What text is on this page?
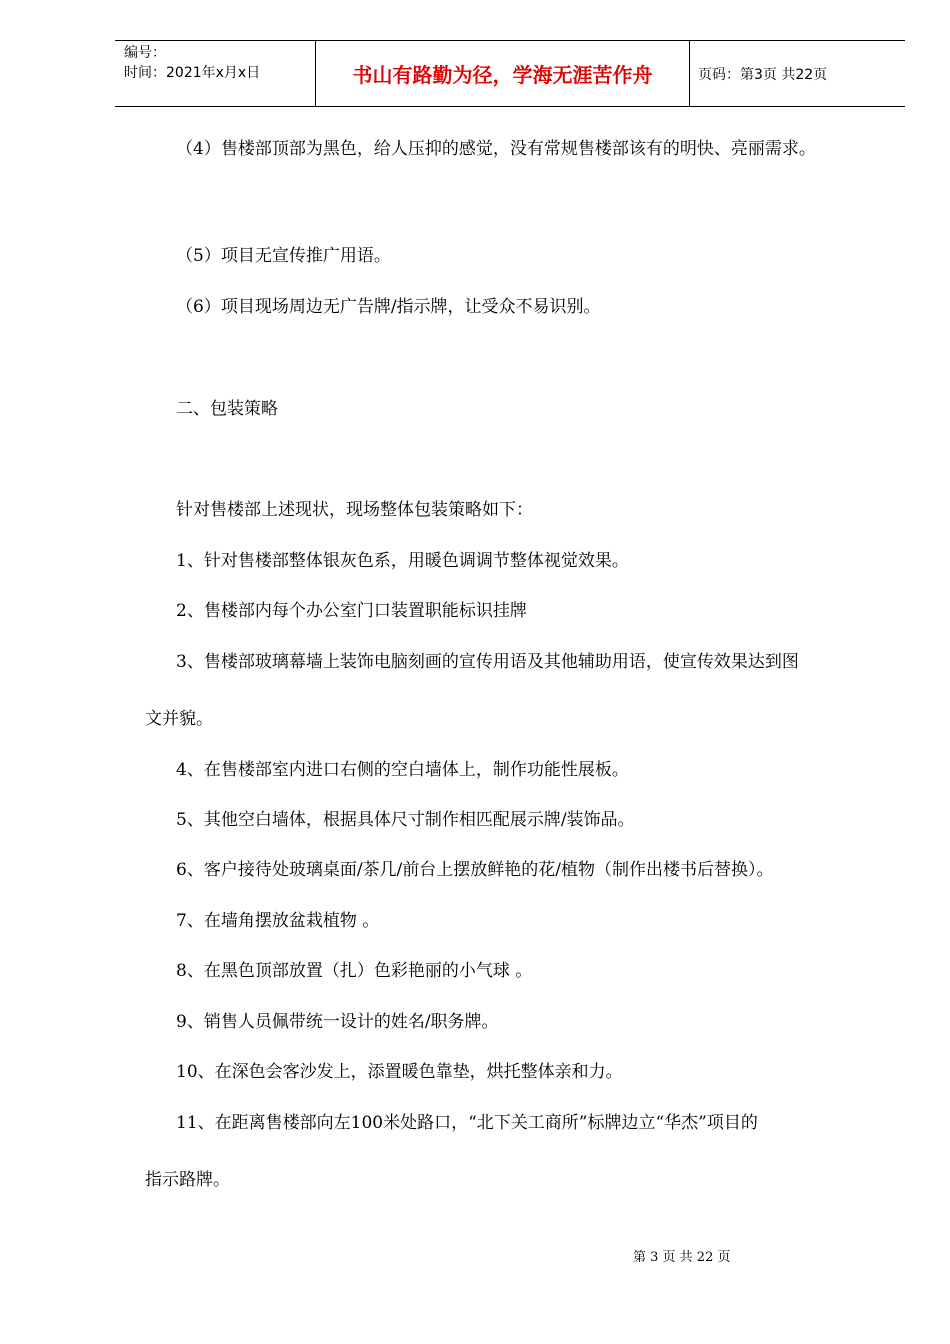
编号：
时间：2021年x月x日	书山有路勤为径，学海无涯苦作舟	页码：第3页 共22页
（4）售楼部顶部为黑色，给人压抑的感觉，没有常规售楼部该有的明快、亮丽需求。
（5）项目无宣传推广用语。
（6）项目现场周边无广告牌/指示牌，让受众不易识别。
二、包装策略
针对售楼部上述现状，现场整体包装策略如下：
1、针对售楼部整体银灰色系，用暖色调调节整体视觉效果。
2、售楼部内每个办公室门口装置职能标识挂牌
3、售楼部玻璃幕墙上装饰电脑刻画的宣传用语及其他辅助用语，使宣传效果达到图
文并貌。
4、在售楼部室内进口右侧的空白墙体上，制作功能性展板。
5、其他空白墙体，根据具体尺寸制作相匹配展示牌/装饰品。
6、客户接待处玻璃桌面/茶几/前台上摆放鲜艳的花/植物（制作出楼书后替换）。
7、在墙角摆放盆栽植物 。
8、在黑色顶部放置（扎）色彩艳丽的小气球 。
9、销售人员佩带统一设计的姓名/职务牌。
10、在深色会客沙发上，添置暖色靠垫，烘托整体亲和力。
11、在距离售楼部向左100米处路口，“北下关工商所”标牌边立“华杰”项目的
指示路牌。
第 3 页 共 22 页
